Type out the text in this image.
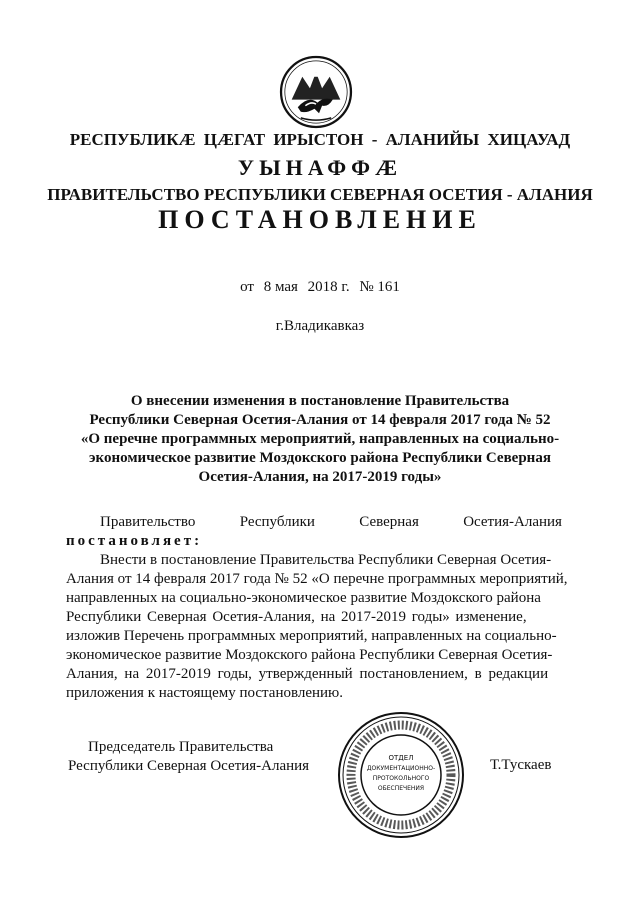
РЕСПУБЛИКӔ ЦӔГАТ ИРЫСТОН - АЛАНИЙЫ ХИЦАУАД
УЫНАФФӔ
ПРАВИТЕЛЬСТВО РЕСПУБЛИКИ СЕВЕРНАЯ ОСЕТИЯ - АЛАНИЯ
ПОСТАНОВЛЕНИЕ
от 8 мая 2018 г. № 161
г.Владикавказ
О внесении изменения в постановление Правительства
Республики Северная Осетия-Алания от 14 февраля 2017 года № 52
«О перечне программных мероприятий, направленных на социально-
экономическое развитие Моздокского района Республики Северная
Осетия-Алания, на 2017-2019 годы»
Правительство	Республики	Северная	Осетия-Алания
постановляет:
Внести в постановление Правительства Республики Северная Осетия-
Алания от 14 февраля 2017 года № 52 «О перечне программных мероприятий,
направленных на социально-экономическое развитие Моздокского района
Республики Северная Осетия-Алания, на 2017-2019 годы» изменение,
изложив Перечень программных мероприятий, направленных на социально-
экономическое развитие Моздокского района Республики Северная Осетия-
Алания, на 2017-2019 годы, утвержденный постановлением, в редакции
приложения к настоящему постановлению.
Председатель Правительства
Республики Северная Осетия-Алания	ОТДЕЛ
ДОКУМЕНТАЦИОННО-
ПРОТОКОЛЬНОГО
ОБЕСПЕЧЕНИЯ
Т.Тускаев
